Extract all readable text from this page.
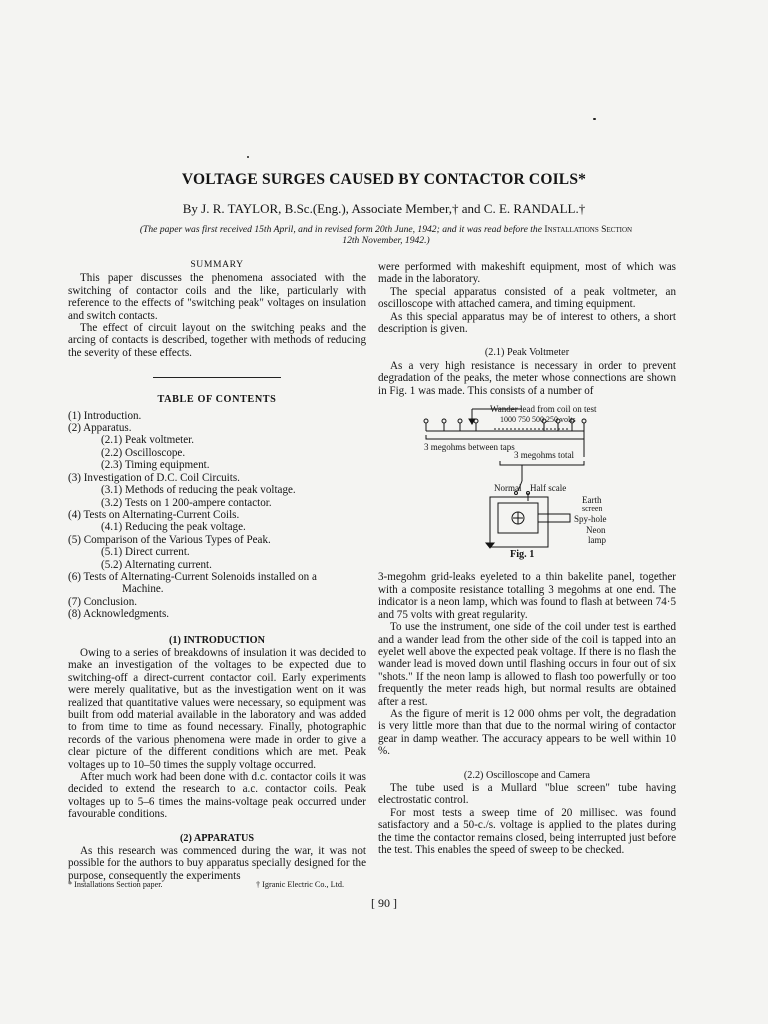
VOLTAGE SURGES CAUSED BY CONTACTOR COILS*
By J. R. TAYLOR, B.Sc.(Eng.), Associate Member,† and C. E. RANDALL.†
(The paper was first received 15th April, and in revised form 20th June, 1942; and it was read before the Installations Section
12th November, 1942.)
SUMMARY

This paper discusses the phenomena associated with the switching of contactor coils and the like, particularly with reference to the effects of "switching peak" voltages on insulation and switch contacts.

The effect of circuit layout on the switching peaks and the arcing of contacts is described, together with methods of reducing the severity of these effects.

TABLE OF CONTENTS
(1) Introduction.
(2) Apparatus.
(2.1) Peak voltmeter.
(2.2) Oscilloscope.
(2.3) Timing equipment.
(3) Investigation of D.C. Coil Circuits.
(3.1) Methods of reducing the peak voltage.
(3.2) Tests on 1 200-ampere contactor.
(4) Tests on Alternating-Current Coils.
(4.1) Reducing the peak voltage.
(5) Comparison of the Various Types of Peak.
(5.1) Direct current.
(5.2) Alternating current.
(6) Tests of Alternating-Current Solenoids installed on a
Machine.
(7) Conclusion.
(8) Acknowledgments.
(1) INTRODUCTION

Owing to a series of breakdowns of insulation it was decided to make an investigation of the voltages to be expected due to switching-off a direct-current contactor coil. Early experiments were merely qualitative, but as the investigation went on it was realized that quantitative values were necessary, so equipment was built from odd material available in the laboratory and was added to from time to time as found necessary. Finally, photographic records of the various phenomena were made in order to give a clear picture of the different conditions which are met. Peak voltages up to 10–50 times the supply voltage occurred.

After much work had been done with d.c. contactor coils it was decided to extend the research to a.c. contactor coils. Peak voltages up to 5–6 times the mains-voltage peak occurred under favourable conditions.

(2) APPARATUS

As this research was commenced during the war, it was not possible for the authors to buy apparatus specially designed for the purpose, consequently the experiments

were performed with makeshift equipment, most of which was made in the laboratory.

The special apparatus consisted of a peak voltmeter, an oscilloscope with attached camera, and timing equipment.

As this special apparatus may be of interest to others, a short description is given.

(2.1) Peak Voltmeter

As a very high resistance is necessary in order to prevent degradation of the peaks, the meter whose connections are shown in Fig. 1 was made. This consists of a number of

Wander lead from coil on test
1000 750 500 250 volts
3 megohms between taps
3 megohms total
Normal Half scale
Earth
screen
Spy-hole
Neon
lamp
Fig. 1

3-megohm grid-leaks eyeleted to a thin bakelite panel, together with a composite resistance totalling 3 megohms at one end. The indicator is a neon lamp, which was found to flash at between 74·5 and 75 volts with great regularity.

To use the instrument, one side of the coil under test is earthed and a wander lead from the other side of the coil is tapped into an eyelet well above the expected peak voltage. If there is no flash the wander lead is moved down until flashing occurs in four out of six "shots." If the neon lamp is allowed to flash too powerfully or too frequently the meter reads high, but normal results are obtained after a rest.

As the figure of merit is 12 000 ohms per volt, the degradation is very little more than that due to the normal wiring of contactor gear in damp weather. The accuracy appears to be well within 10 %.

(2.2) Oscilloscope and Camera

The tube used is a Mullard "blue screen" tube having electrostatic control.

For most tests a sweep time of 20 millisec. was found satisfactory and a 50-c./s. voltage is applied to the plates during the time the contactor remains closed, being interrupted just before the test. This enables the speed of sweep to be checked.

* Installations Section paper.	† Igranic Electric Co., Ltd.
[ 90 ]
